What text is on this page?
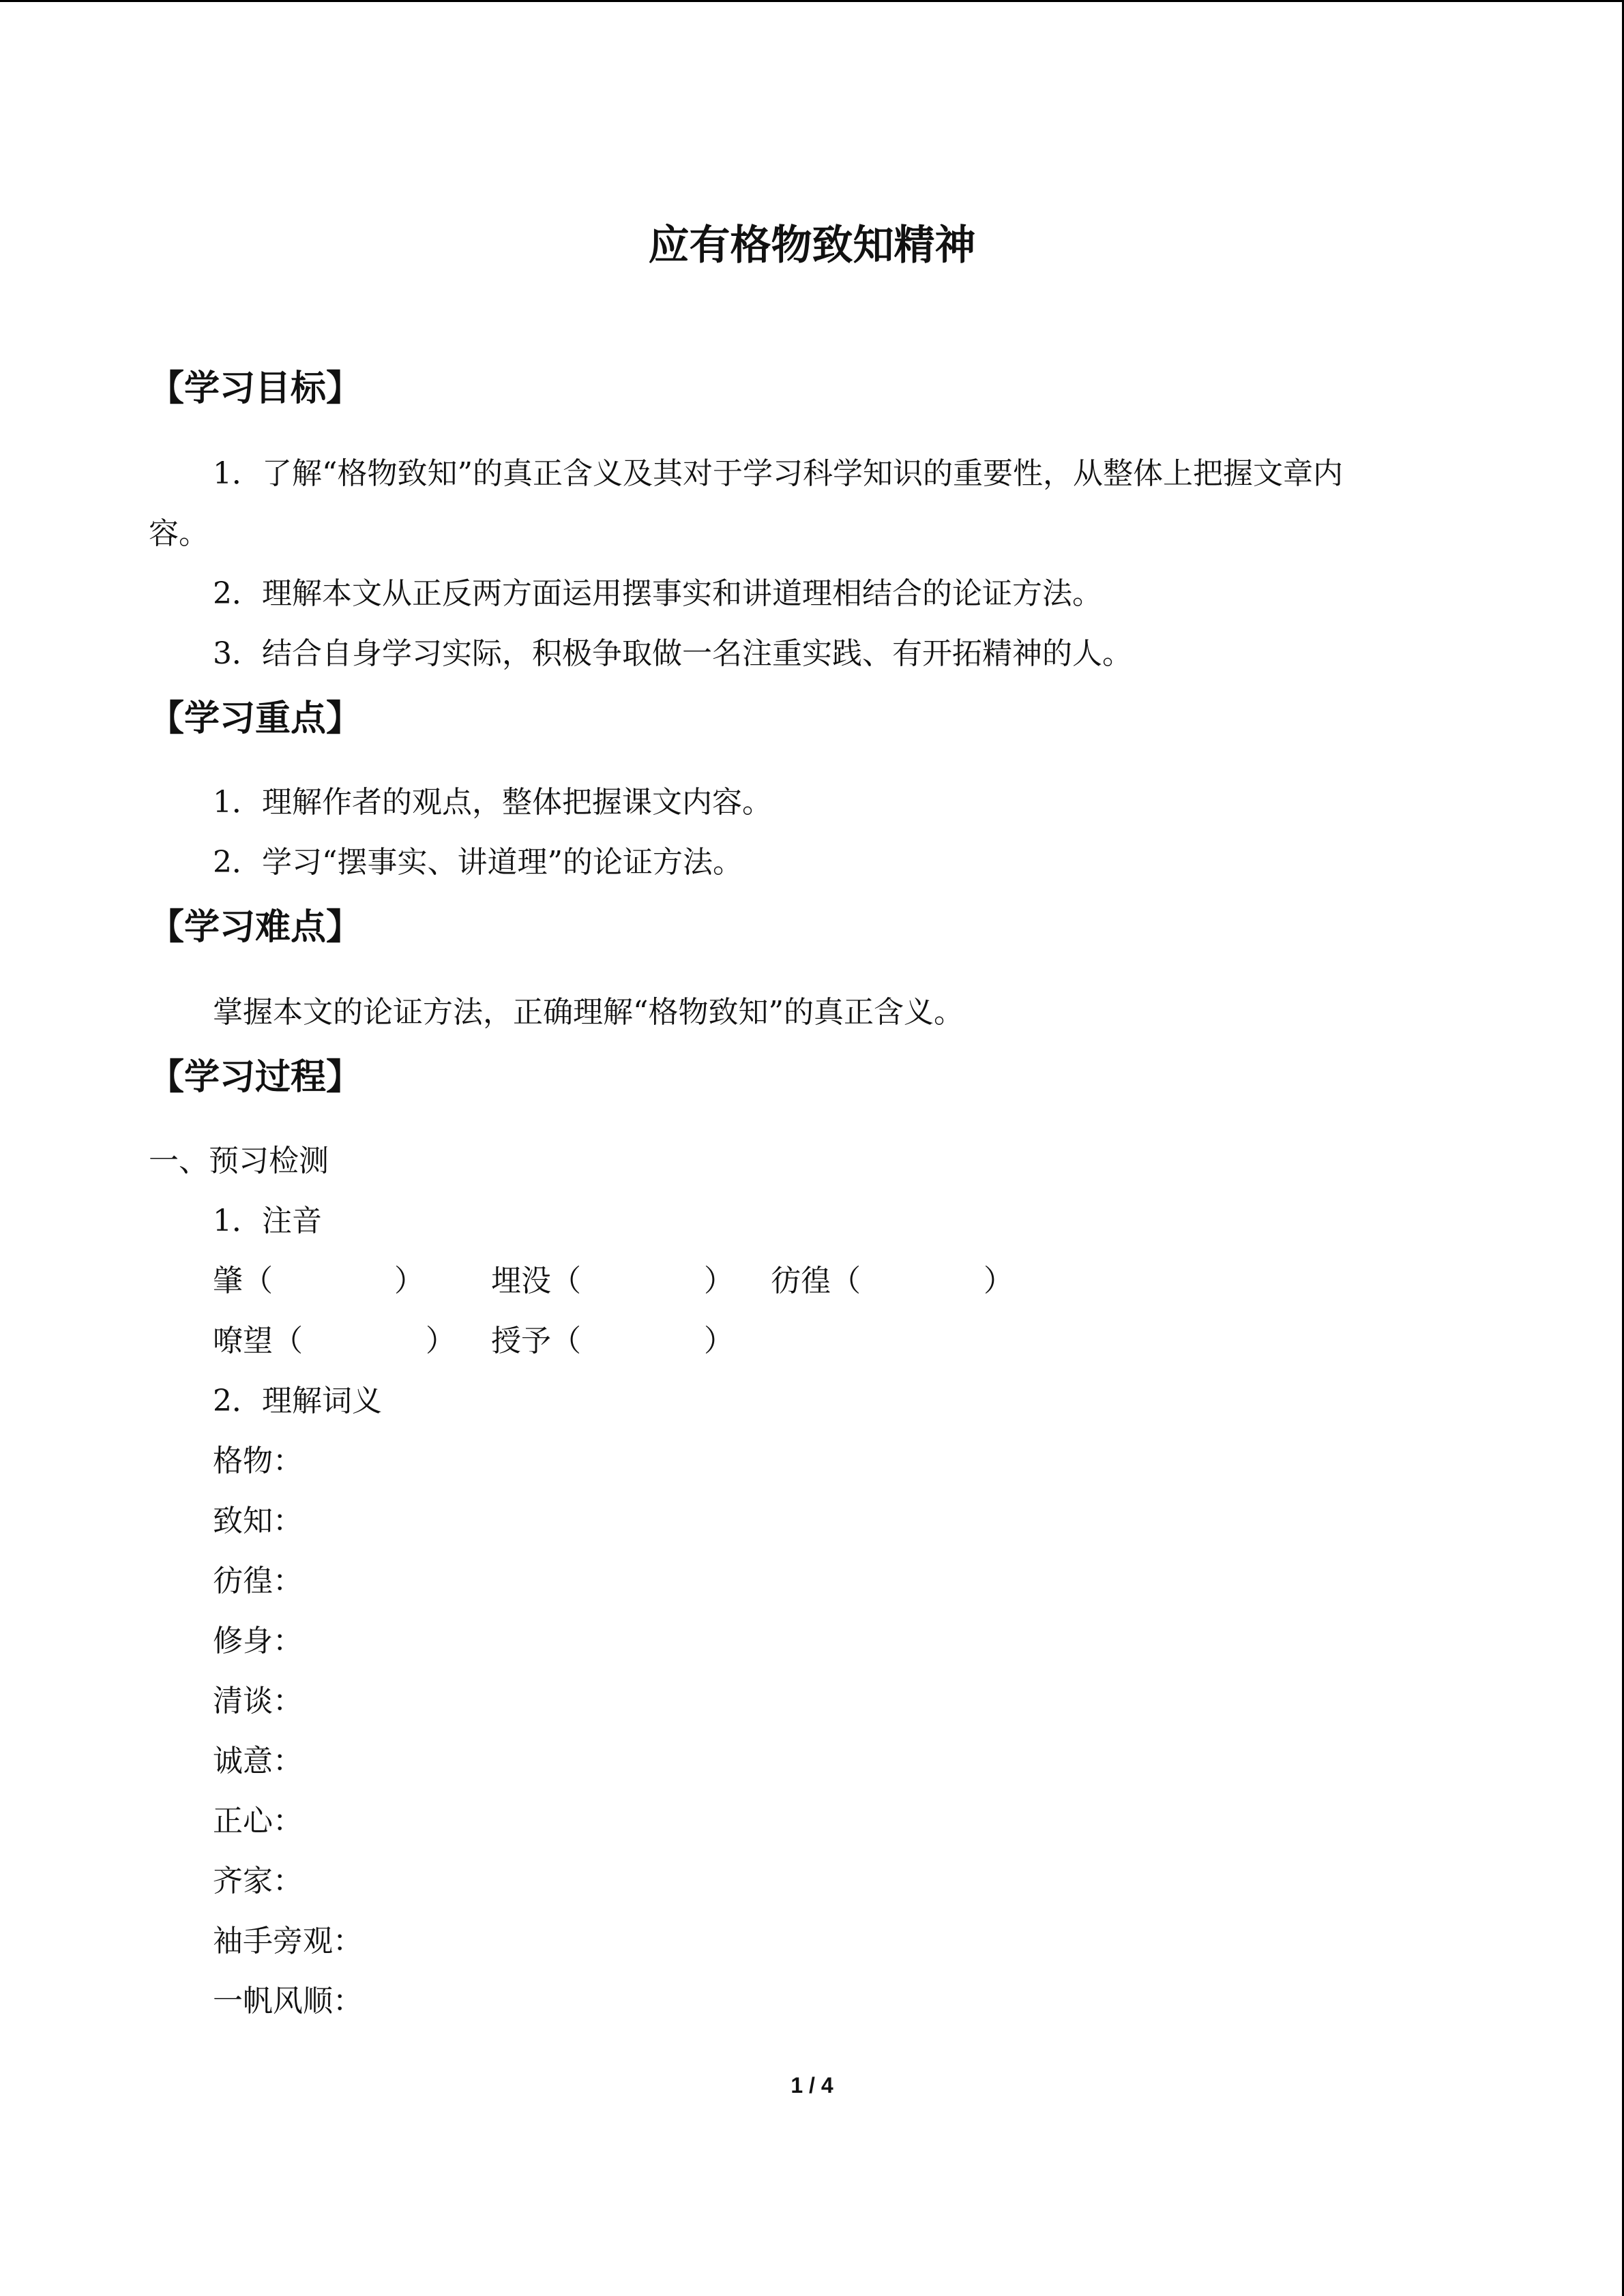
应有格物致知精神
【学习目标】
1．了解“格物致知”的真正含义及其对于学习科学知识的重要性，从整体上把握文章内
容。
2．理解本文从正反两方面运用摆事实和讲道理相结合的论证方法。
3．结合自身学习实际，积极争取做一名注重实践、有开拓精神的人。
【学习重点】
1．理解作者的观点，整体把握课文内容。
2．学习“摆事实、讲道理”的论证方法。
【学习难点】
掌握本文的论证方法，正确理解“格物致知”的真正含义。
【学习过程】
一、预习检测
1．注音
肇（	） 埋没（	） 彷徨（	）
嘹望（	） 授予（	）
2．理解词义
格物：
致知：
彷徨：
修身：
清谈：
诚意：
正心：
齐家：
袖手旁观：
一帆风顺：
1 / 4
